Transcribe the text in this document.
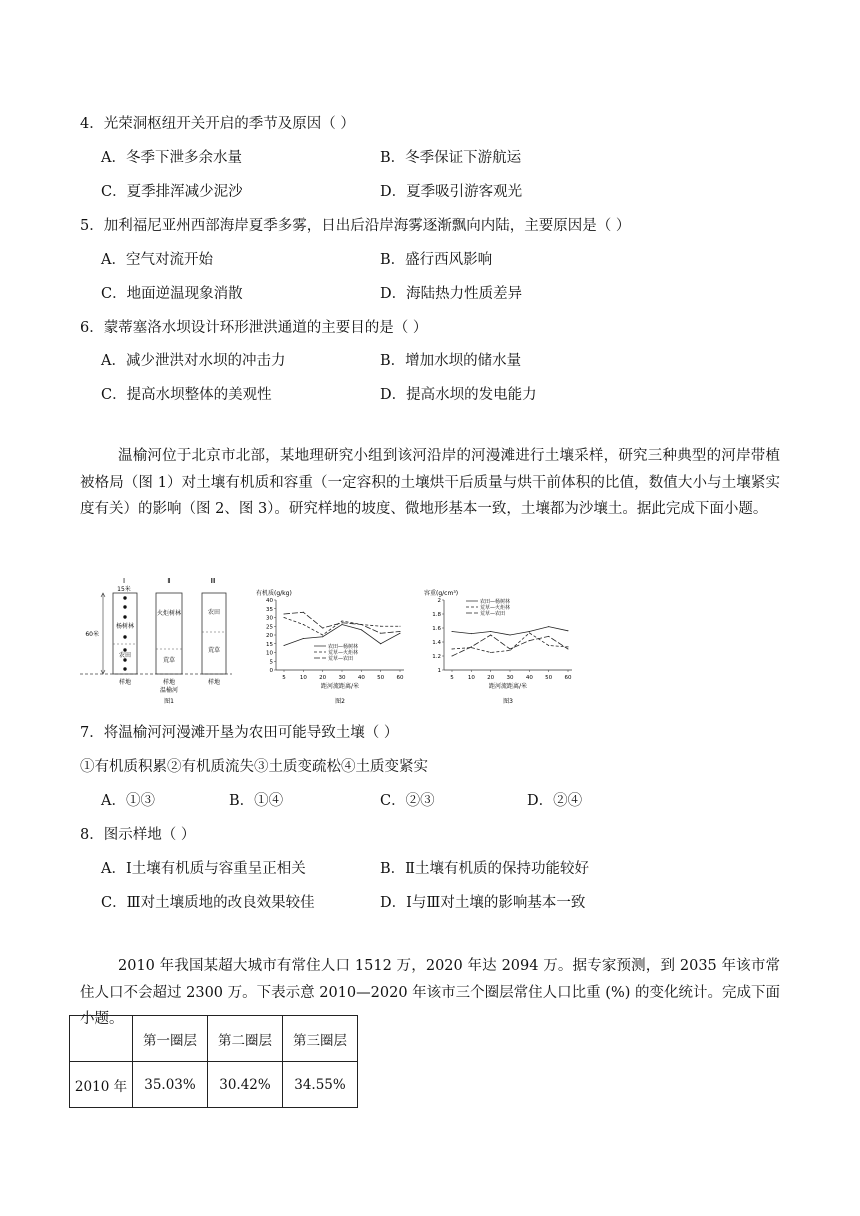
4．光荣洞枢纽开关开启的季节及原因（ ）
A．冬季下泄多余水量	B．冬季保证下游航运
C．夏季排浑减少泥沙	D．夏季吸引游客观光
5．加利福尼亚州西部海岸夏季多雾，日出后沿岸海雾逐渐飘向内陆，主要原因是（ ）
A．空气对流开始	B．盛行西风影响
C．地面逆温现象消散	D．海陆热力性质差异
6．蒙蒂塞洛水坝设计环形泄洪通道的主要目的是（ ）
A．减少泄洪对水坝的冲击力	B．增加水坝的储水量
C．提高水坝整体的美观性	D．提高水坝的发电能力
温榆河位于北京市北部，某地理研究小组到该河沿岸的河漫滩进行土壤采样，研究三种典型的河岸带植被格局（图 1）对土壤有机质和容重（一定容积的土壤烘干后质量与烘干前体积的比值，数值大小与土壤紧实度有关）的影响（图 2、图 3）。研究样地的坡度、微地形基本一致，土壤都为沙壤土。据此完成下面小题。
Ⅰ	Ⅱ	Ⅲ
15米
杨树林
农田
60米
火炬树林
荒草
农田
荒草
样地	样地	样地
温榆河
图1
有机质(g/kg)
0
5
10
15
20
25
30
35
40
5	10 20 30 40 50 60
距河流距离/米
图2
农田—杨树林
荒草—火炬林
荒草—农田
容重(g/cm³)
1
1.2
1.4
1.6
1.8
2
5	10 20 30 40 50 60
距河流距离/米
图3
农田—杨树林
荒草—火炬林
荒草—农田
7．将温榆河河漫滩开垦为农田可能导致土壤（ ）
①有机质积累②有机质流失③土质变疏松④土质变紧实
A．①③	B．①④	C．②③	D．②④
8．图示样地（ ）
A．Ⅰ土壤有机质与容重呈正相关	B．Ⅱ土壤有机质的保持功能较好
C．Ⅲ对土壤质地的改良效果较佳	D．Ⅰ与Ⅲ对土壤的影响基本一致
2010 年我国某超大城市有常住人口 1512 万，2020 年达 2094 万。据专家预测，到 2035 年该市常住人口不会超过 2300 万。下表示意 2010—2020 年该市三个圈层常住人口比重 (%) 的变化统计。完成下面小题。
	第一圈层	第二圈层	第三圈层
2010 年	35.03%	30.42%	34.55%
